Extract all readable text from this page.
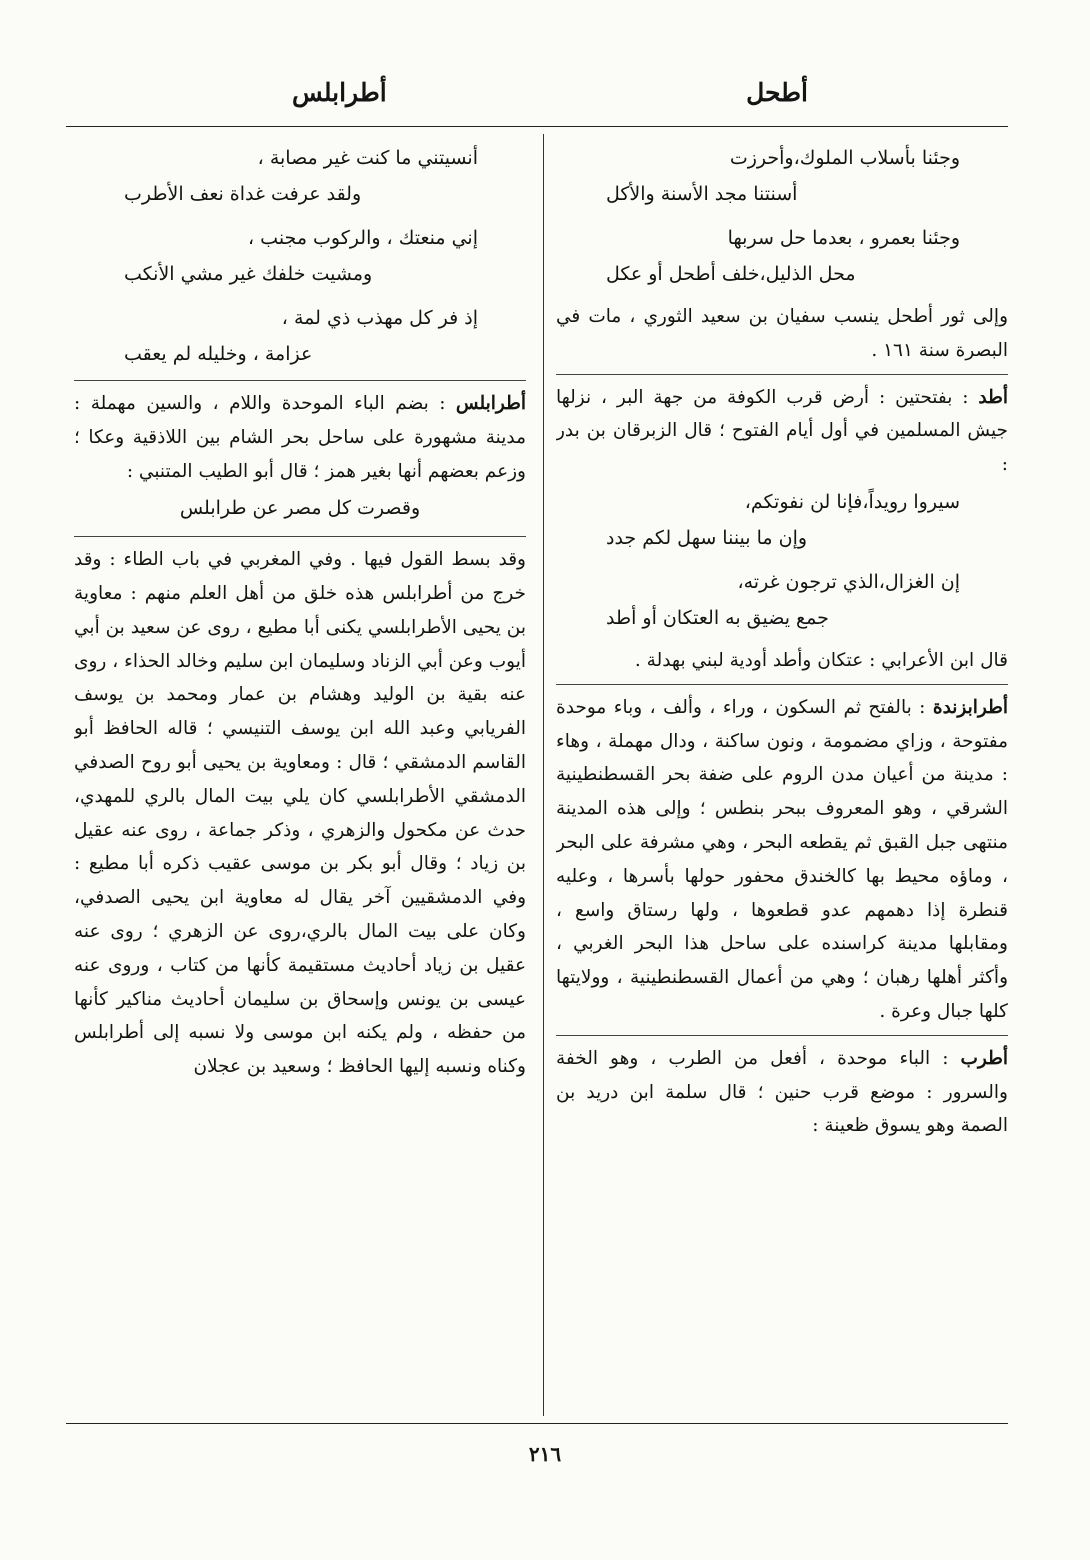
أطحل
أطرابلس
وجئنا بأسلاب الملوك،وأحرزت
أسنتنا مجد الأسنة والأكل
وجئنا بعمرو ، بعدما حل سربها
محل الذليل،خلف أطحل أو عكل

وإلى ثور أطحل ينسب سفيان بن سعيد الثوري ، مات في البصرة سنة ١٦١ .

أطد : بفتحتين : أرض قرب الكوفة من جهة البر ، نزلها جيش المسلمين في أول أيام الفتوح ؛ قال الزبرقان بن بدر :

سيروا رويداً،فإنا لن نفوتكم،
وإن ما بيننا سهل لكم جدد
إن الغزال،الذي ترجون غرته،
جمع يضيق به العتكان أو أطد

قال ابن الأعرابي : عتكان وأطد أودية لبني بهدلة .

أطرابزندة : بالفتح ثم السكون ، وراء ، وألف ، وباء موحدة مفتوحة ، وزاي مضمومة ، ونون ساكنة ، ودال مهملة ، وهاء : مدينة من أعيان مدن الروم على ضفة بحر القسطنطينية الشرقي ، وهو المعروف ببحر بنطس ؛ وإلى هذه المدينة منتهى جبل القبق ثم يقطعه البحر ، وهي مشرفة على البحر ، وماؤه محيط بها كالخندق محفور حولها بأسرها ، وعليه قنطرة إذا دهمهم عدو قطعوها ، ولها رستاق واسع ، ومقابلها مدينة كراسنده على ساحل هذا البحر الغربي ، وأكثر أهلها رهبان ؛ وهي من أعمال القسطنطينية ، وولايتها كلها جبال وعرة .

أطرب : الباء موحدة ، أفعل من الطرب ، وهو الخفة والسرور : موضع قرب حنين ؛ قال سلمة ابن دريد بن الصمة وهو يسوق ظعينة :

أنسيتني ما كنت غير مصابة ،
ولقد عرفت غداة نعف الأطرب
إني منعتك ، والركوب مجنب ،
ومشيت خلفك غير مشي الأنكب
إذ فر كل مهذب ذي لمة ،
عزامة ، وخليله لم يعقب

أطرابلس : بضم الباء الموحدة واللام ، والسين مهملة : مدينة مشهورة على ساحل بحر الشام بين اللاذقية وعكا ؛ وزعم بعضهم أنها بغير همز ؛ قال أبو الطيب المتنبي :

وقصرت كل مصر عن طرابلس

وقد بسط القول فيها . وفي المغربي في باب الطاء : وقد خرج من أطرابلس هذه خلق من أهل العلم منهم : معاوية بن يحيى الأطرابلسي يكنى أبا مطيع ، روى عن سعيد بن أبي أيوب وعن أبي الزناد وسليمان ابن سليم وخالد الحذاء ، روى عنه بقية بن الوليد وهشام بن عمار ومحمد بن يوسف الفريابي وعبد الله ابن يوسف التنيسي ؛ قاله الحافظ أبو القاسم الدمشقي ؛ قال : ومعاوية بن يحيى أبو روح الصدفي الدمشقي الأطرابلسي كان يلي بيت المال بالري للمهدي، حدث عن مكحول والزهري ، وذكر جماعة ، روى عنه عقيل بن زياد ؛ وقال أبو بكر بن موسى عقيب ذكره أبا مطيع : وفي الدمشقيين آخر يقال له معاوية ابن يحيى الصدفي، وكان على بيت المال بالري،روى عن الزهري ؛ روى عنه عقيل بن زياد أحاديث مستقيمة كأنها من كتاب ، وروى عنه عيسى بن يونس وإسحاق بن سليمان أحاديث مناكير كأنها من حفظه ، ولم يكنه ابن موسى ولا نسبه إلى أطرابلس وكناه ونسبه إليها الحافظ ؛ وسعيد بن عجلان

٢١٦
